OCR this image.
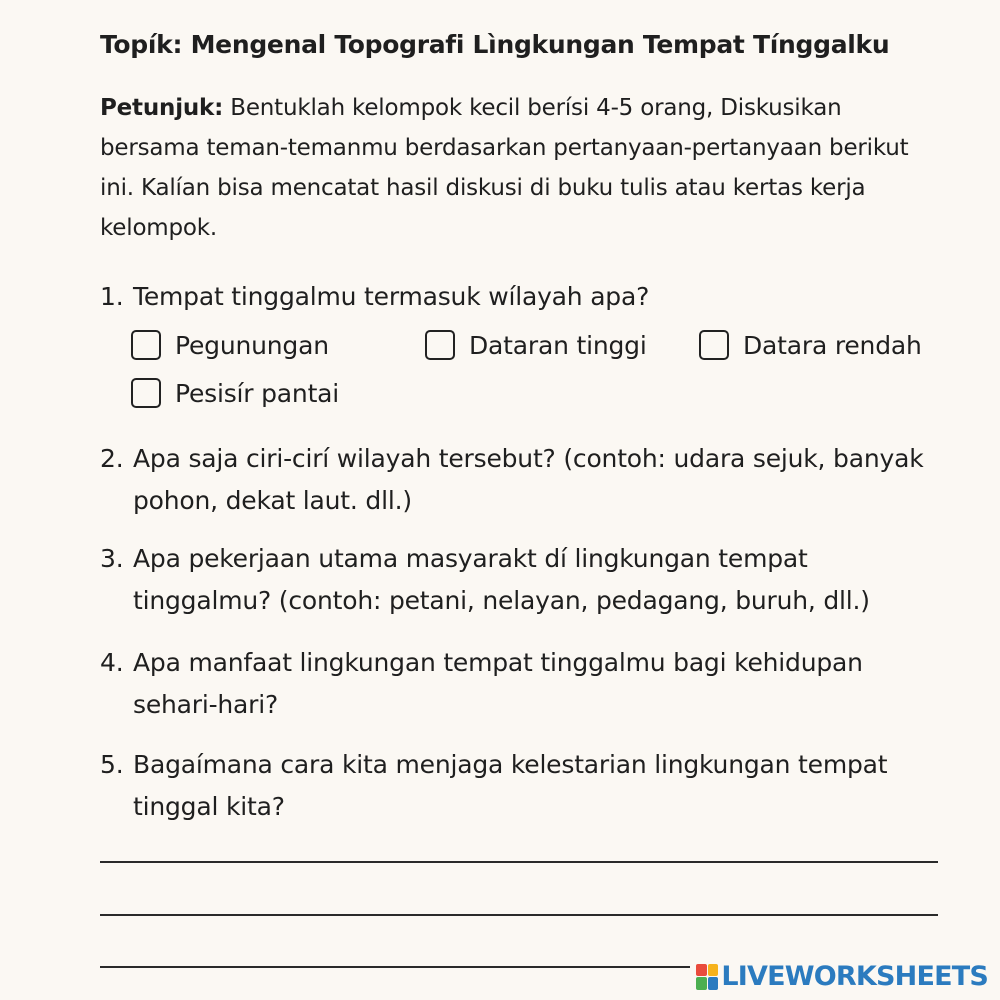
Topík: Mengenal Topografi Lìngkungan Tempat Tínggalku
Petunjuk: Bentuklah kelompok kecil berísi 4-5 orang, Diskusikan bersama teman-temanmu berdasarkan pertanyaan-pertanyaan berikut ini. Kalían bisa mencatat hasil diskusi di buku tulis atau kertas kerja kelompok.
1. Tempat tinggalmu termasuk wílayah apa?
Pegunungan	Dataran tinggi	Datara rendah
Pesisír pantai
2. Apa saja ciri-cirí wilayah tersebut? (contoh: udara sejuk, banyak pohon, dekat laut. dll.)
3. Apa pekerjaan utama masyarakt dí lingkungan tempat tinggalmu? (contoh: petani, nelayan, pedagang, buruh, dll.)
4. Apa manfaat lingkungan tempat tinggalmu bagi kehidupan sehari-hari?
5. Bagaímana cara kita menjaga kelestarian lingkungan tempat tinggal kita?
LIVEWORKSHEETS
